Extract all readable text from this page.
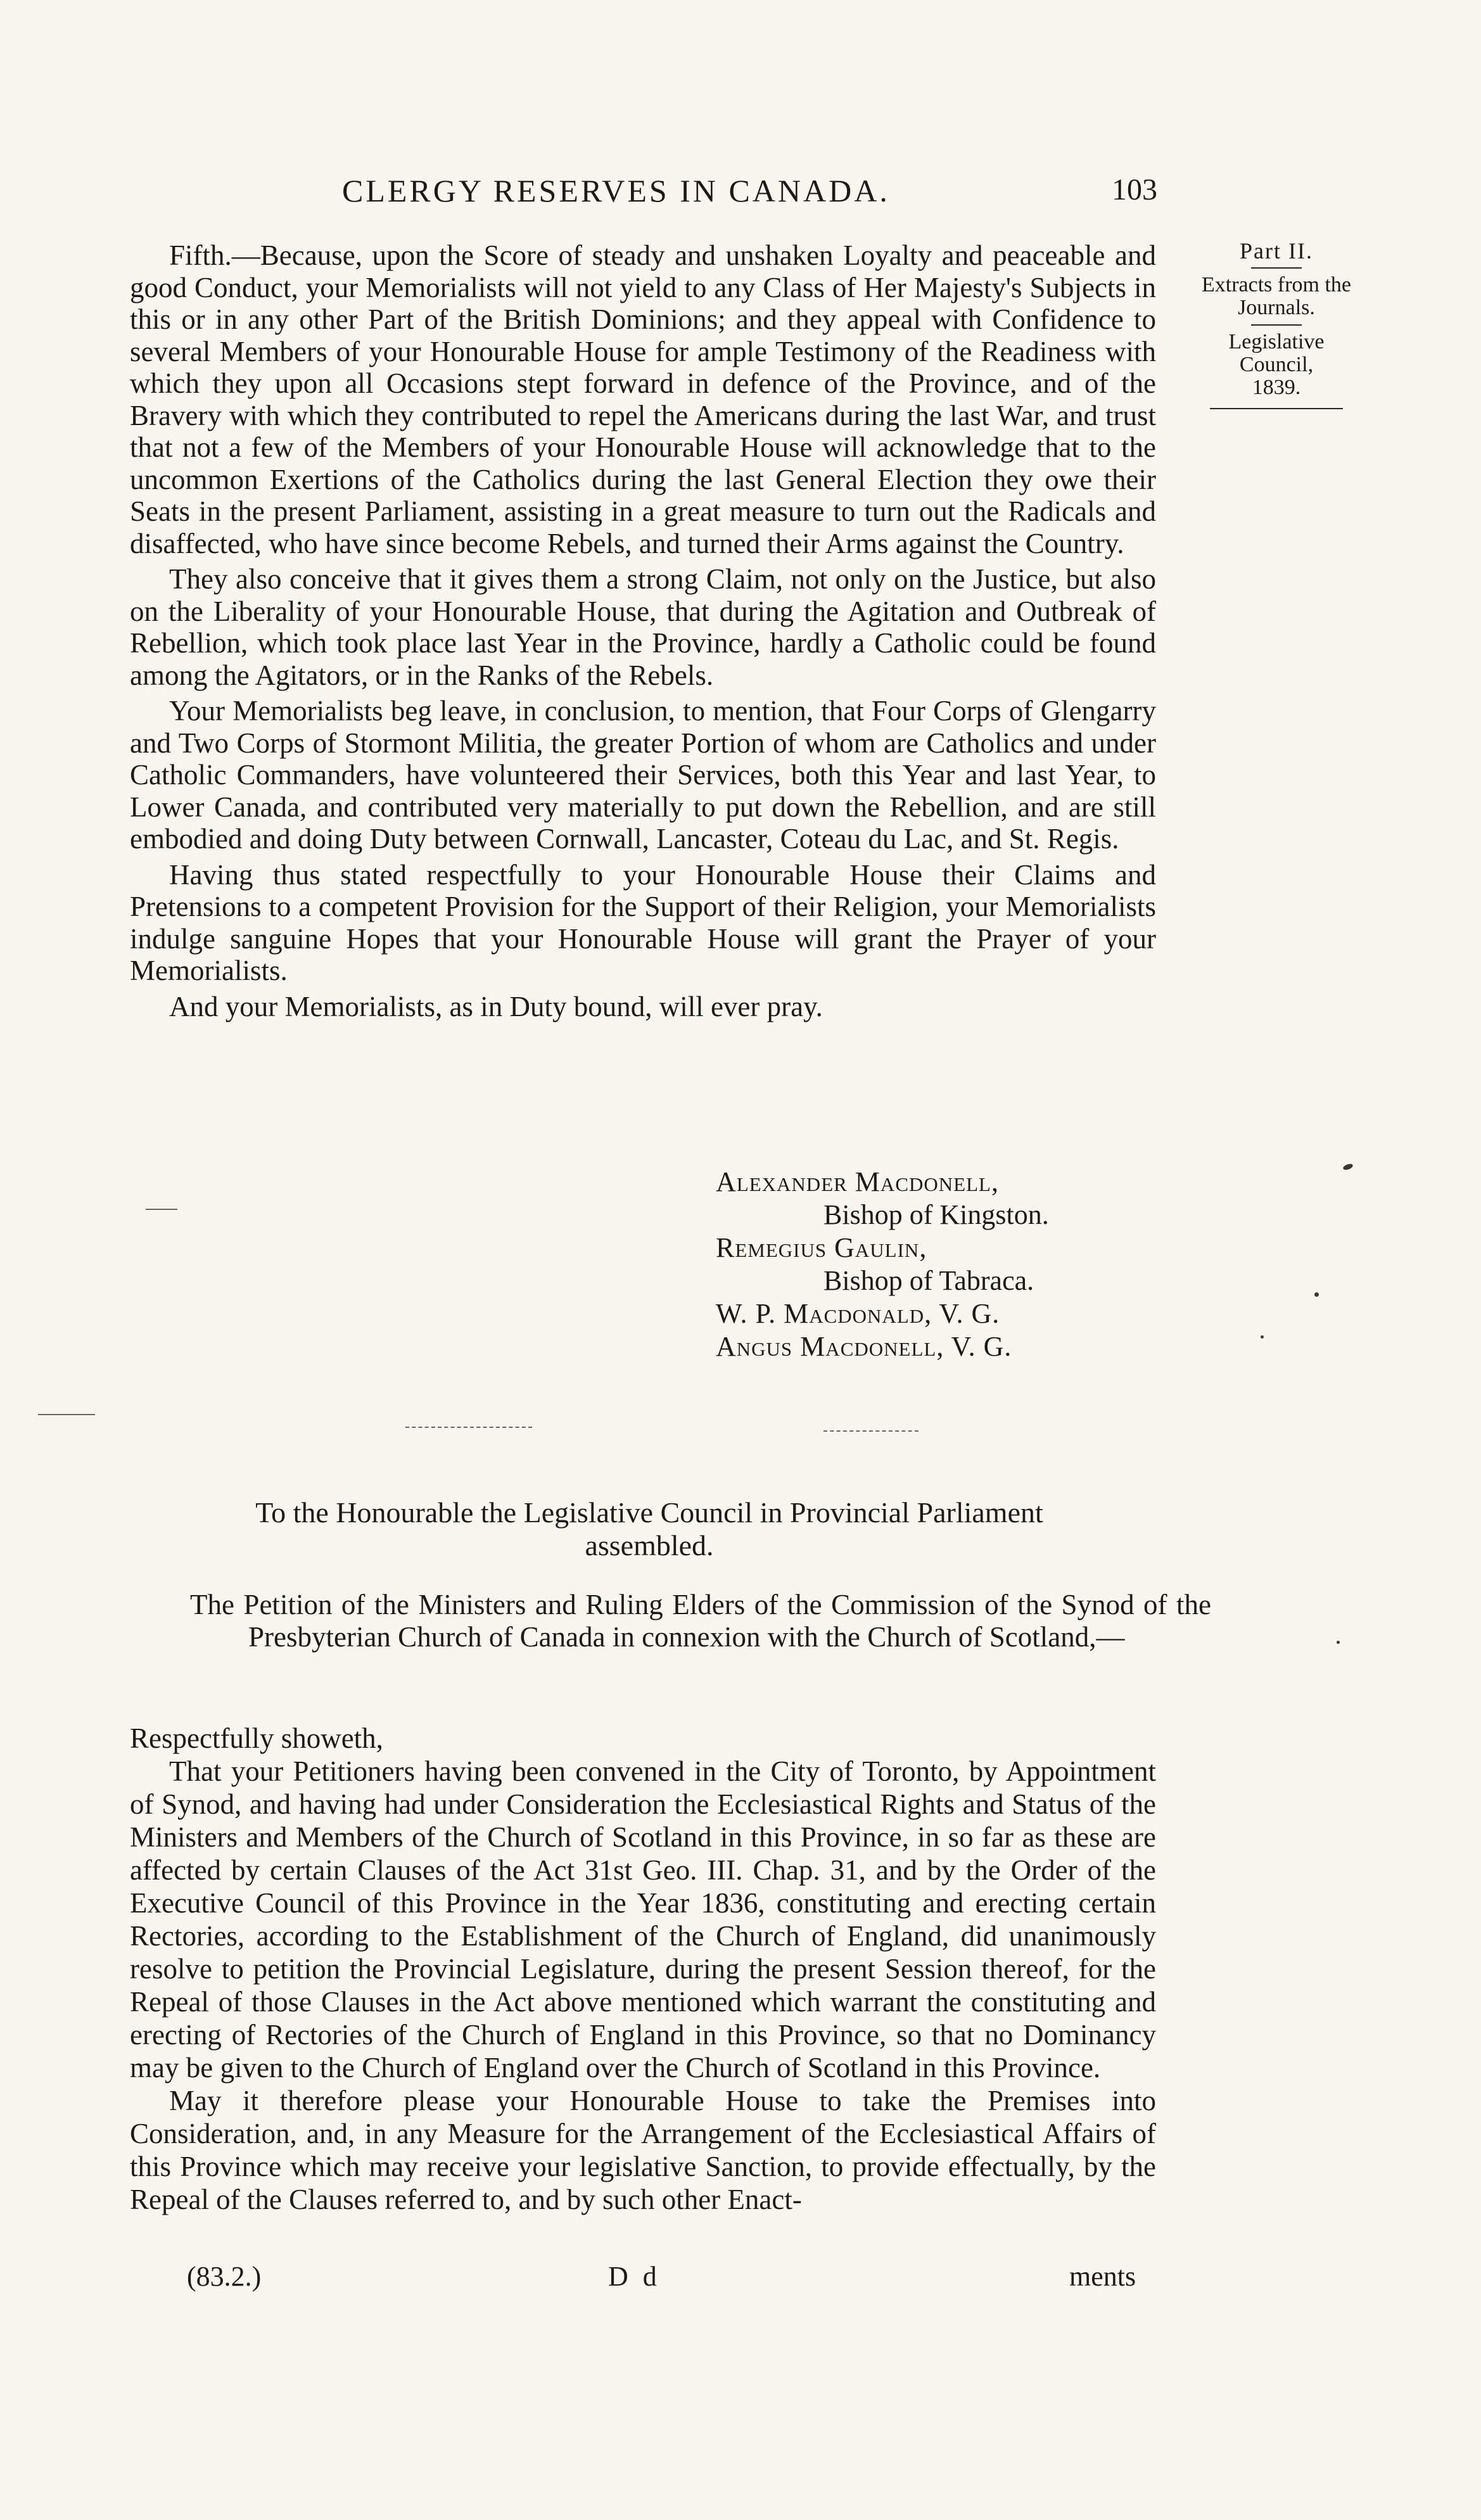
CLERGY RESERVES IN CANADA.	103

Fifth.—Because, upon the Score of steady and unshaken Loyalty and peaceable and good Conduct, your Memorialists will not yield to any Class of Her Majesty's Subjects in this or in any other Part of the British Dominions; and they appeal with Confidence to several Members of your Honourable House for ample Testimony of the Readiness with which they upon all Occasions stept forward in defence of the Province, and of the Bravery with which they contributed to repel the Americans during the last War, and trust that not a few of the Members of your Honourable House will acknowledge that to the uncommon Exertions of the Catholics during the last General Election they owe their Seats in the present Parliament, assisting in a great measure to turn out the Radicals and disaffected, who have since become Rebels, and turned their Arms against the Country.

They also conceive that it gives them a strong Claim, not only on the Justice, but also on the Liberality of your Honourable House, that during the Agitation and Outbreak of Rebellion, which took place last Year in the Province, hardly a Catholic could be found among the Agitators, or in the Ranks of the Rebels.

Your Memorialists beg leave, in conclusion, to mention, that Four Corps of Glengarry and Two Corps of Stormont Militia, the greater Portion of whom are Catholics and under Catholic Commanders, have volunteered their Services, both this Year and last Year, to Lower Canada, and contributed very materially to put down the Rebellion, and are still embodied and doing Duty between Cornwall, Lancaster, Coteau du Lac, and St. Regis.

Having thus stated respectfully to your Honourable House their Claims and Pretensions to a competent Provision for the Support of their Religion, your Memorialists indulge sanguine Hopes that your Honourable House will grant the Prayer of your Memorialists.

And your Memorialists, as in Duty bound, will ever pray.

Part II.
Extracts from the Journals.
Legislative Council,
1839.
Alexander Macdonell,
Bishop of Kingston.
Remegius Gaulin,
Bishop of Tabraca.
W. P. Macdonald, V. G.
Angus Macdonell, V. G.
To the Honourable the Legislative Council in Provincial Parliament
assembled.
The Petition of the Ministers and Ruling Elders of the Commission of the Synod of the Presbyterian Church of Canada in connexion with the Church of Scotland,—

Respectfully showeth,

That your Petitioners having been convened in the City of Toronto, by Appointment of Synod, and having had under Consideration the Ecclesiastical Rights and Status of the Ministers and Members of the Church of Scotland in this Province, in so far as these are affected by certain Clauses of the Act 31st Geo. III. Chap. 31, and by the Order of the Executive Council of this Province in the Year 1836, constituting and erecting certain Rectories, according to the Establishment of the Church of England, did unanimously resolve to petition the Provincial Legislature, during the present Session thereof, for the Repeal of those Clauses in the Act above mentioned which warrant the constituting and erecting of Rectories of the Church of England in this Province, so that no Dominancy may be given to the Church of England over the Church of Scotland in this Province.

May it therefore please your Honourable House to take the Premises into Consideration, and, in any Measure for the Arrangement of the Ecclesiastical Affairs of this Province which may receive your legislative Sanction, to provide effectually, by the Repeal of the Clauses referred to, and by such other Enact-

(83.2.)	D d	ments
